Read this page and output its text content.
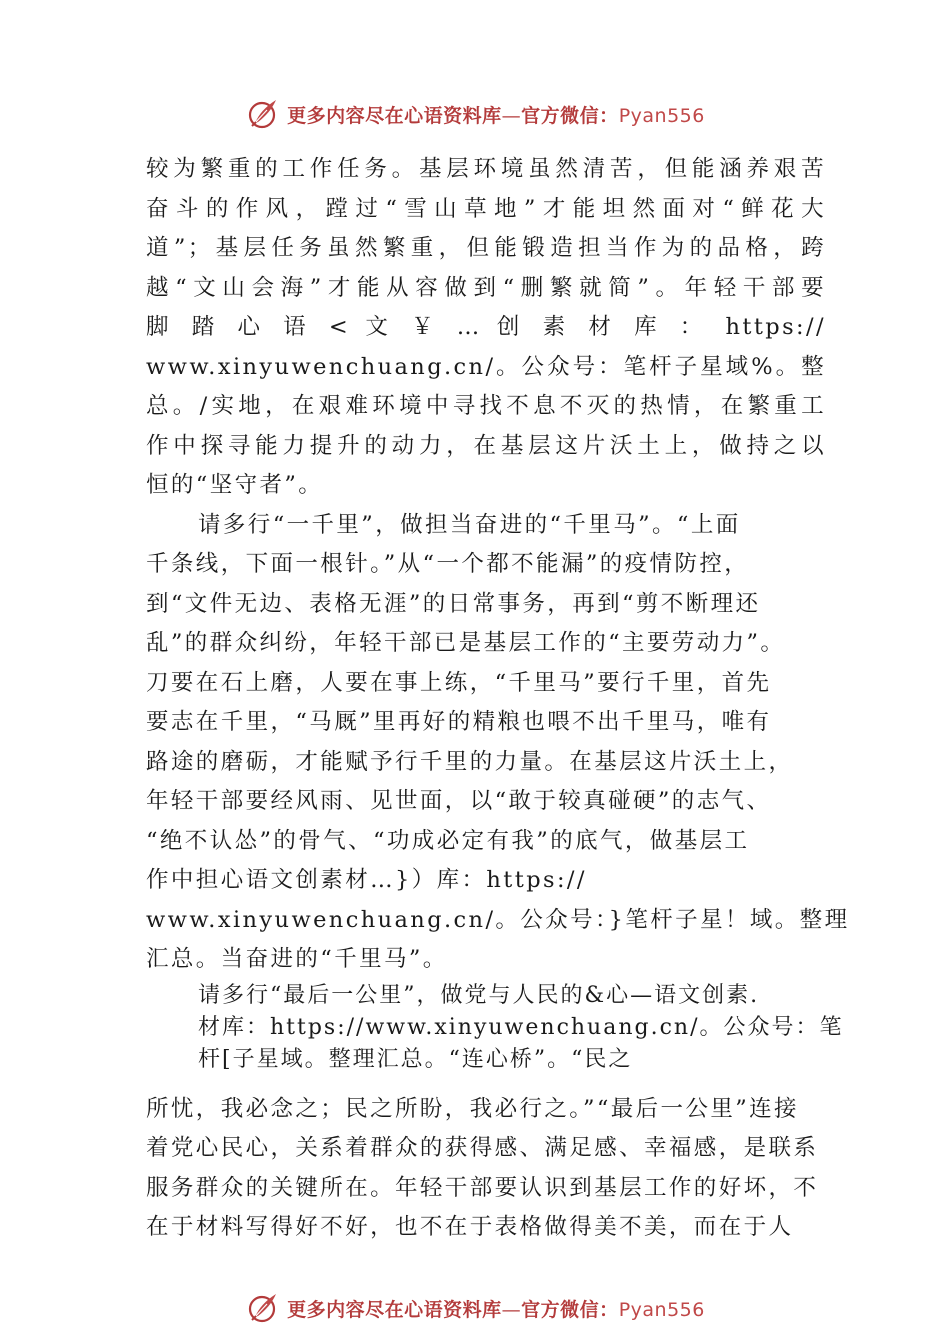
更多内容尽在心语资料库—官方微信：Pyan556
较为繁重的工作任务。基层环境虽然清苦，但能涵养艰苦
奋斗的作风，蹚过“雪山草地”才能坦然面对“鲜花大
道”；基层任务虽然繁重，但能锻造担当作为的品格，跨
越“文山会海”才能从容做到“删繁就简”。年轻干部要
脚 踏 心 语 < 文 ￥ … 创 素 材 库 ： https://
www.xinyuwenchuang.cn/。公众号：笔杆子星域%。整
总。/实地，在艰难环境中寻找不息不灭的热情，在繁重工
作中探寻能力提升的动力，在基层这片沃土上，做持之以
恒的“坚守者”。
请多行“一千里”，做担当奋进的“千里马”。“上面
千条线，下面一根针。”从“一个都不能漏”的疫情防控，
到“文件无边、表格无涯”的日常事务，再到“剪不断理还
乱”的群众纠纷，年轻干部已是基层工作的“主要劳动力”。
刀要在石上磨，人要在事上练，“千里马”要行千里，首先
要志在千里，“马厩”里再好的精粮也喂不出千里马，唯有
路途的磨砺，才能赋予行千里的力量。在基层这片沃土上，
年轻干部要经风雨、见世面，以“敢于较真碰硬”的志气、
“绝不认怂”的骨气、“功成必定有我”的底气，做基层工
作中担心语文创素材…}）库：https://
www.xinyuwenchuang.cn/。公众号：}笔杆子星！域。整理
汇总。当奋进的“千里马”。
请多行“最后一公里”，做党与人民的&心—语文创素.
材库：https://www.xinyuwenchuang.cn/。公众号：笔
杆[子星域。整理汇总。“连心桥”。“民之
所忧，我必念之；民之所盼，我必行之。”“最后一公里”连接
着党心民心，关系着群众的获得感、满足感、幸福感，是联系
服务群众的关键所在。年轻干部要认识到基层工作的好坏，不
在于材料写得好不好，也不在于表格做得美不美，而在于人
更多内容尽在心语资料库—官方微信：Pyan556
